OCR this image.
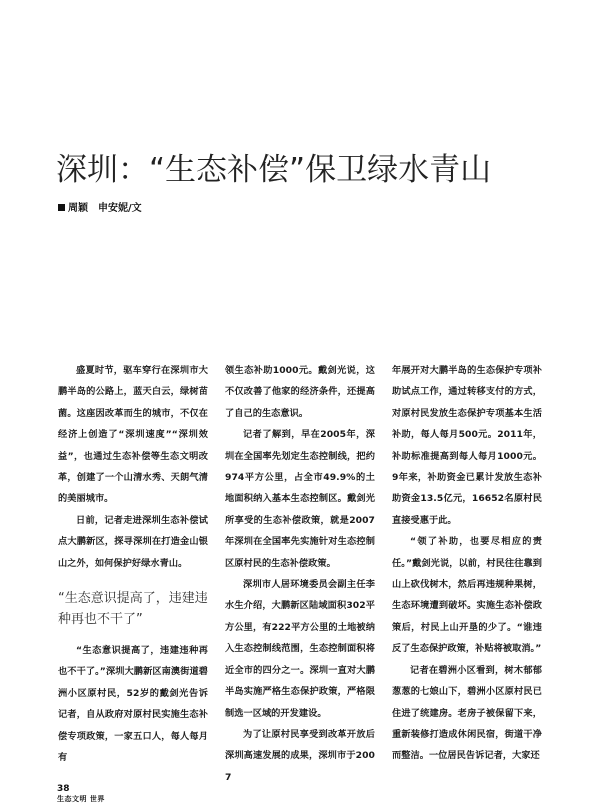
深圳：“生态补偿”保卫绿水青山
周颖　申安妮/文

盛夏时节，驱车穿行在深圳市大鹏半岛的公路上，蓝天白云，绿树苗菌。这座因改革而生的城市，不仅在经济上创造了“深圳速度”“深圳效益”，也通过生态补偿等生态文明改革，创建了一个山清水秀、天朗气清的美丽城市。

日前，记者走进深圳生态补偿试点大鹏新区，探寻深圳在打造金山银山之外，如何保护好绿水青山。

“生态意识提高了，违建违种再也不干了”

“生态意识提高了，违建违种再也不干了。”深圳大鹏新区南澳街道碧洲小区原村民，52岁的戴剑光告诉记者，自从政府对原村民实施生态补偿专项政策，一家五口人，每人每月有

领生态补助1000元。戴剑光说，这不仅改善了他家的经济条件，还提高了自己的生态意识。

记者了解到，早在2005年，深圳在全国率先划定生态控制线，把约974平方公里，占全市49.9%的土地面积纳入基本生态控制区。戴剑光所享受的生态补偿政策，就是2007年深圳在全国率先实施针对生态控制区原村民的生态补偿政策。

深圳市人居环境委员会副主任李水生介绍，大鹏新区陆域面积302平方公里，有222平方公里的土地被纳入生态控制线范围，生态控制面积将近全市的四分之一。深圳一直对大鹏半岛实施严格生态保护政策，严格限制选一区域的开发建设。

为了让原村民享受到改革开放后深圳高速发展的成果，深圳市于2007

年展开对大鹏半岛的生态保护专项补助试点工作，通过转移支付的方式，对原村民发放生态保护专项基本生活补助，每人每月500元。2011年，补助标准提高到每人每月1000元。9年来，补助资金已累计发放生态补助资金13.5亿元，16652名原村民直接受惠于此。

“领了补助，也要尽相应的责任。”戴剑光说，以前，村民往往靠到山上砍伐树木，然后再违规种果树，生态环境遭到破坏。实施生态补偿政策后，村民上山开垦的少了。“谁违反了生态保护政策，补贴将被取消。”

记者在碧洲小区看到，树木郁郁葱葱的七娘山下，碧洲小区原村民已住进了统建房。老房子被保留下来，重新装修打造成休闲民宿，街道干净而整洁。一位居民告诉记者，大家还

38
生态文明 世界
